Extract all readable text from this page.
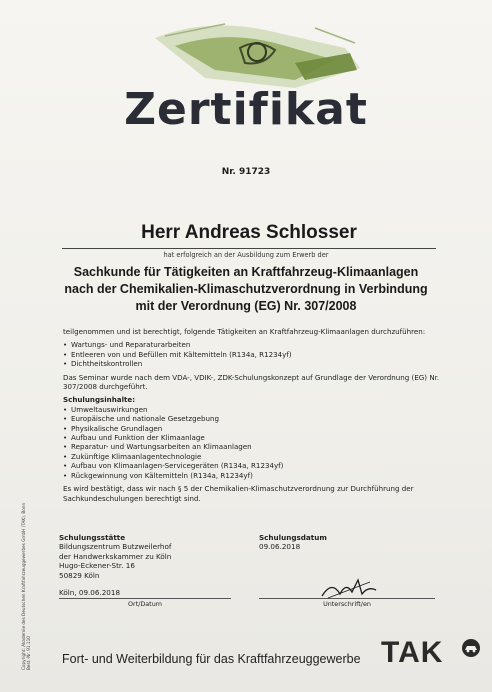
Zertifikat
Nr. 91723
Herr Andreas Schlosser
hat erfolgreich an der Ausbildung zum Erwerb der
Sachkunde für Tätigkeiten an Kraftfahrzeug-Klimaanlagen
nach der Chemikalien-Klimaschutzverordnung in Verbindung
mit der Verordnung (EG) Nr. 307/2008

teilgenommen und ist berechtigt, folgende Tätigkeiten an Kraftfahrzeug-Klimaanlagen durchzuführen:

• Wartungs- und Reparaturarbeiten
• Entleeren von und Befüllen mit Kältemitteln (R134a, R1234yf)
• Dichtheitskontrollen

Das Seminar wurde nach dem VDA-, VDIK-, ZDK-Schulungskonzept auf Grundlage der Verordnung (EG) Nr. 307/2008 durchgeführt.

Schulungsinhalte:

• Umweltauswirkungen
• Europäische und nationale Gesetzgebung
• Physikalische Grundlagen
• Aufbau und Funktion der Klimaanlage
• Reparatur- und Wartungsarbeiten an Klimaanlagen
• Zukünftige Klimaanlagentechnologie
• Aufbau von Klimaanlagen-Servicegeräten (R134a, R1234yf)
• Rückgewinnung von Kältemitteln (R134a, R1234yf)

Es wird bestätigt, dass wir nach § 5 der Chemikalien-Klimaschutzverordnung zur Durchführung der Sachkundeschulungen berechtigt sind.

Schulungsstätte
Bildungszentrum Butzweilerhof
der Handwerkskammer zu Köln
Hugo-Eckener-Str. 16
50829 Köln
Schulungsdatum
09.06.2018
Köln, 09.06.2018
Ort/Datum	Unterschrift/en
Copyright: Akademie des Deutschen Kraftfahrzeuggewerbes GmbH (TAK), Bonn Best.-Nr. 91.110 Fort- und Weiterbildung für das Kraftfahrzeuggewerbe TAK
